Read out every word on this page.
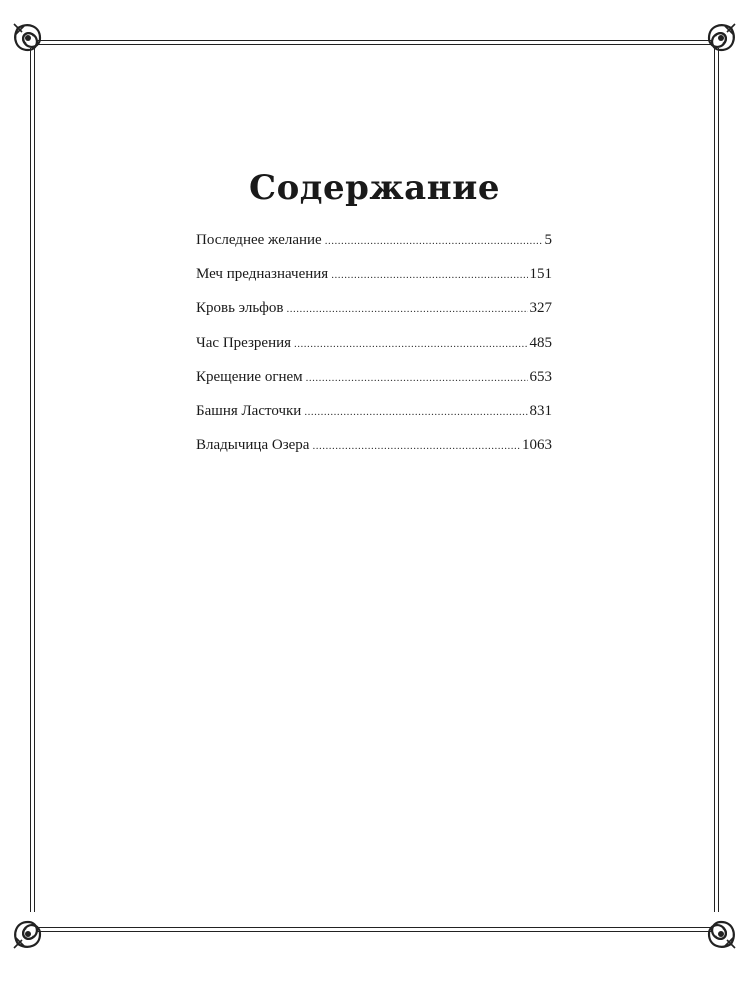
Содержание
Последнее желание .....	5
Меч предназначения .....	151
Кровь эльфов .....	327
Час Презрения .....	485
Крещение огнем .....	653
Башня Ласточки .....	831
Владычица Озера .....	1063
